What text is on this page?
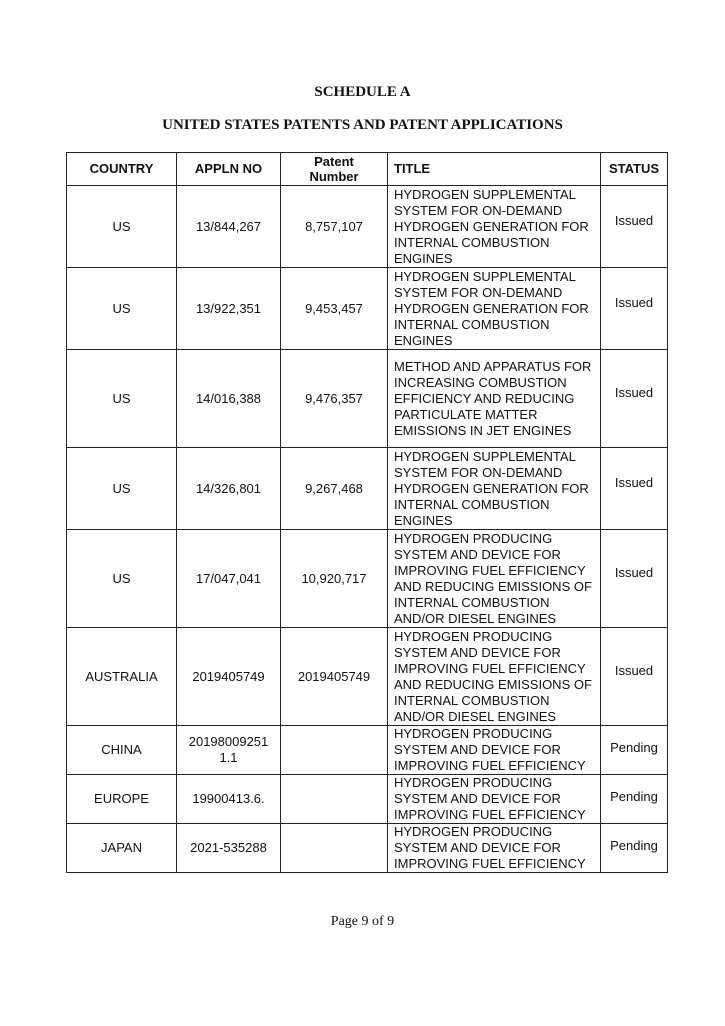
SCHEDULE A
UNITED STATES PATENTS AND PATENT APPLICATIONS
COUNTRY	APPLN NO	Patent Number	TITLE	STATUS
US	13/844,267	8,757,107	HYDROGEN SUPPLEMENTAL SYSTEM FOR ON-DEMAND HYDROGEN GENERATION FOR INTERNAL COMBUSTION ENGINES	Issued
US	13/922,351	9,453,457	HYDROGEN SUPPLEMENTAL SYSTEM FOR ON-DEMAND HYDROGEN GENERATION FOR INTERNAL COMBUSTION ENGINES	Issued
US	14/016,388	9,476,357	METHOD AND APPARATUS FOR INCREASING COMBUSTION EFFICIENCY AND REDUCING PARTICULATE MATTER EMISSIONS IN JET ENGINES	Issued
US	14/326,801	9,267,468	HYDROGEN SUPPLEMENTAL SYSTEM FOR ON-DEMAND HYDROGEN GENERATION FOR INTERNAL COMBUSTION ENGINES	Issued
US	17/047,041	10,920,717	HYDROGEN PRODUCING SYSTEM AND DEVICE FOR IMPROVING FUEL EFFICIENCY AND REDUCING EMISSIONS OF INTERNAL COMBUSTION AND/OR DIESEL ENGINES	Issued
AUSTRALIA	2019405749	2019405749	HYDROGEN PRODUCING SYSTEM AND DEVICE FOR IMPROVING FUEL EFFICIENCY AND REDUCING EMISSIONS OF INTERNAL COMBUSTION AND/OR DIESEL ENGINES	Issued
CHINA	201980092511.1		HYDROGEN PRODUCING SYSTEM AND DEVICE FOR IMPROVING FUEL EFFICIENCY	Pending
EUROPE	19900413.6.		HYDROGEN PRODUCING SYSTEM AND DEVICE FOR IMPROVING FUEL EFFICIENCY	Pending
JAPAN	2021-535288		HYDROGEN PRODUCING SYSTEM AND DEVICE FOR IMPROVING FUEL EFFICIENCY	Pending
Page 9 of 9
